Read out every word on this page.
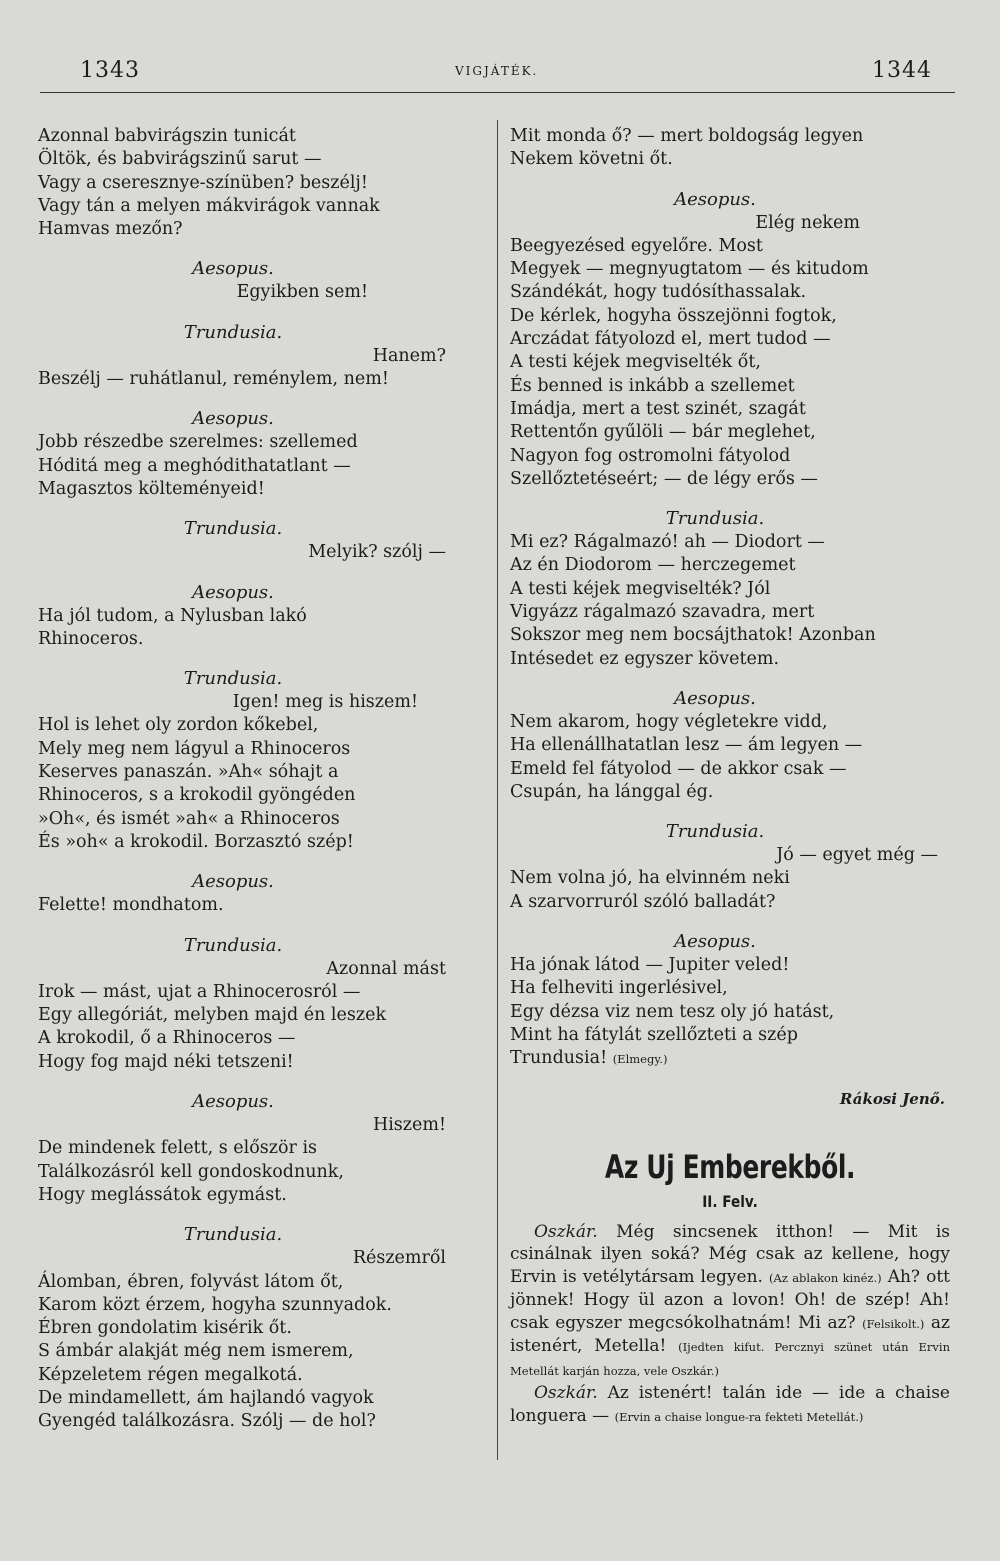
1343	VIGJÁTÉK.	1344
Azonnal babvirágszin tunicát
Öltök, és babvirágszinű sarut —
Vagy a cseresznye-színüben? beszélj!
Vagy tán a melyen mákvirágok vannak
Hamvas mezőn?
Aesopus.
Egyikben sem!
Trundusia.
Hanem?
Beszélj — ruhátlanul, reménylem, nem!
Aesopus.
Jobb részedbe szerelmes: szellemed
Hóditá meg a meghódithatatlant —
Magasztos költeményeid!
Trundusia.
Melyik? szólj —
Aesopus.
Ha jól tudom, a Nylusban lakó
Rhinoceros.
Trundusia.
Igen! meg is hiszem!
Hol is lehet oly zordon kőkebel,
Mely meg nem lágyul a Rhinoceros
Keserves panaszán. »Ah« sóhajt a
Rhinoceros, s a krokodil gyöngéden
»Oh«, és ismét »ah« a Rhinoceros
És »oh« a krokodil. Borzasztó szép!
Aesopus.
Felette! mondhatom.
Trundusia.
Azonnal mást
Irok — mást, ujat a Rhinocerosról —
Egy allegóriát, melyben majd én leszek
A krokodil, ő a Rhinoceros —
Hogy fog majd néki tetszeni!
Aesopus.
Hiszem!
De mindenek felett, s először is
Találkozásról kell gondoskodnunk,
Hogy meglássátok egymást.
Trundusia.
Részemről
Álomban, ébren, folyvást látom őt,
Karom közt érzem, hogyha szunnyadok.
Ébren gondolatim kisérik őt.
S ámbár alakját még nem ismerem,
Képzeletem régen megalkotá.
De mindamellett, ám hajlandó vagyok
Gyengéd találkozásra. Szólj — de hol?
Mit monda ő? — mert boldogság legyen
Nekem követni őt.
Aesopus.
Elég nekem
Beegyezésed egyelőre. Most
Megyek — megnyugtatom — és kitudom
Szándékát, hogy tudósíthassalak.
De kérlek, hogyha összejönni fogtok,
Arczádat fátyolozd el, mert tudod —
A testi kéjek megviselték őt,
És benned is inkább a szellemet
Imádja, mert a test szinét, szagát
Rettentőn gyűlöli — bár meglehet,
Nagyon fog ostromolni fátyolod
Szellőztetéseért; — de légy erős —
Trundusia.
Mi ez? Rágalmazó! ah — Diodort —
Az én Diodorom — herczegemet
A testi kéjek megviselték? Jól
Vigyázz rágalmazó szavadra, mert
Sokszor meg nem bocsájthatok! Azonban
Intésedet ez egyszer követem.
Aesopus.
Nem akarom, hogy végletekre vidd,
Ha ellenállhatatlan lesz — ám legyen —
Emeld fel fátyolod — de akkor csak —
Csupán, ha lánggal ég.
Trundusia.
Jó — egyet még —
Nem volna jó, ha elvinném neki
A szarvorruról szóló balladát?
Aesopus.
Ha jónak látod — Jupiter veled!
Ha felheviti ingerlésivel,
Egy dézsa viz nem tesz oly jó hatást,
Mint ha fátylát szellőzteti a szép
Trundusia! (Elmegy.)
Rákosi Jenő.
Az Uj Emberekből.
II. Felv.

Oszkár. Még sincsenek itthon! — Mit is csinálnak ilyen soká? Még csak az kellene, hogy Ervin is vetélytársam legyen. (Az ablakon kinéz.) Ah? ott jönnek! Hogy ül azon a lovon! Oh! de szép! Ah! csak egyszer megcsókolhatnám! Mi az? (Felsikolt.) az istenért, Metella! (Ijedten kifut. Percznyi szünet után Ervin Metellát karján hozza, vele Oszkár.)

Oszkár. Az istenért! talán ide — ide a chaise longuera — (Ervin a chaise longue-ra fekteti Metellát.)
